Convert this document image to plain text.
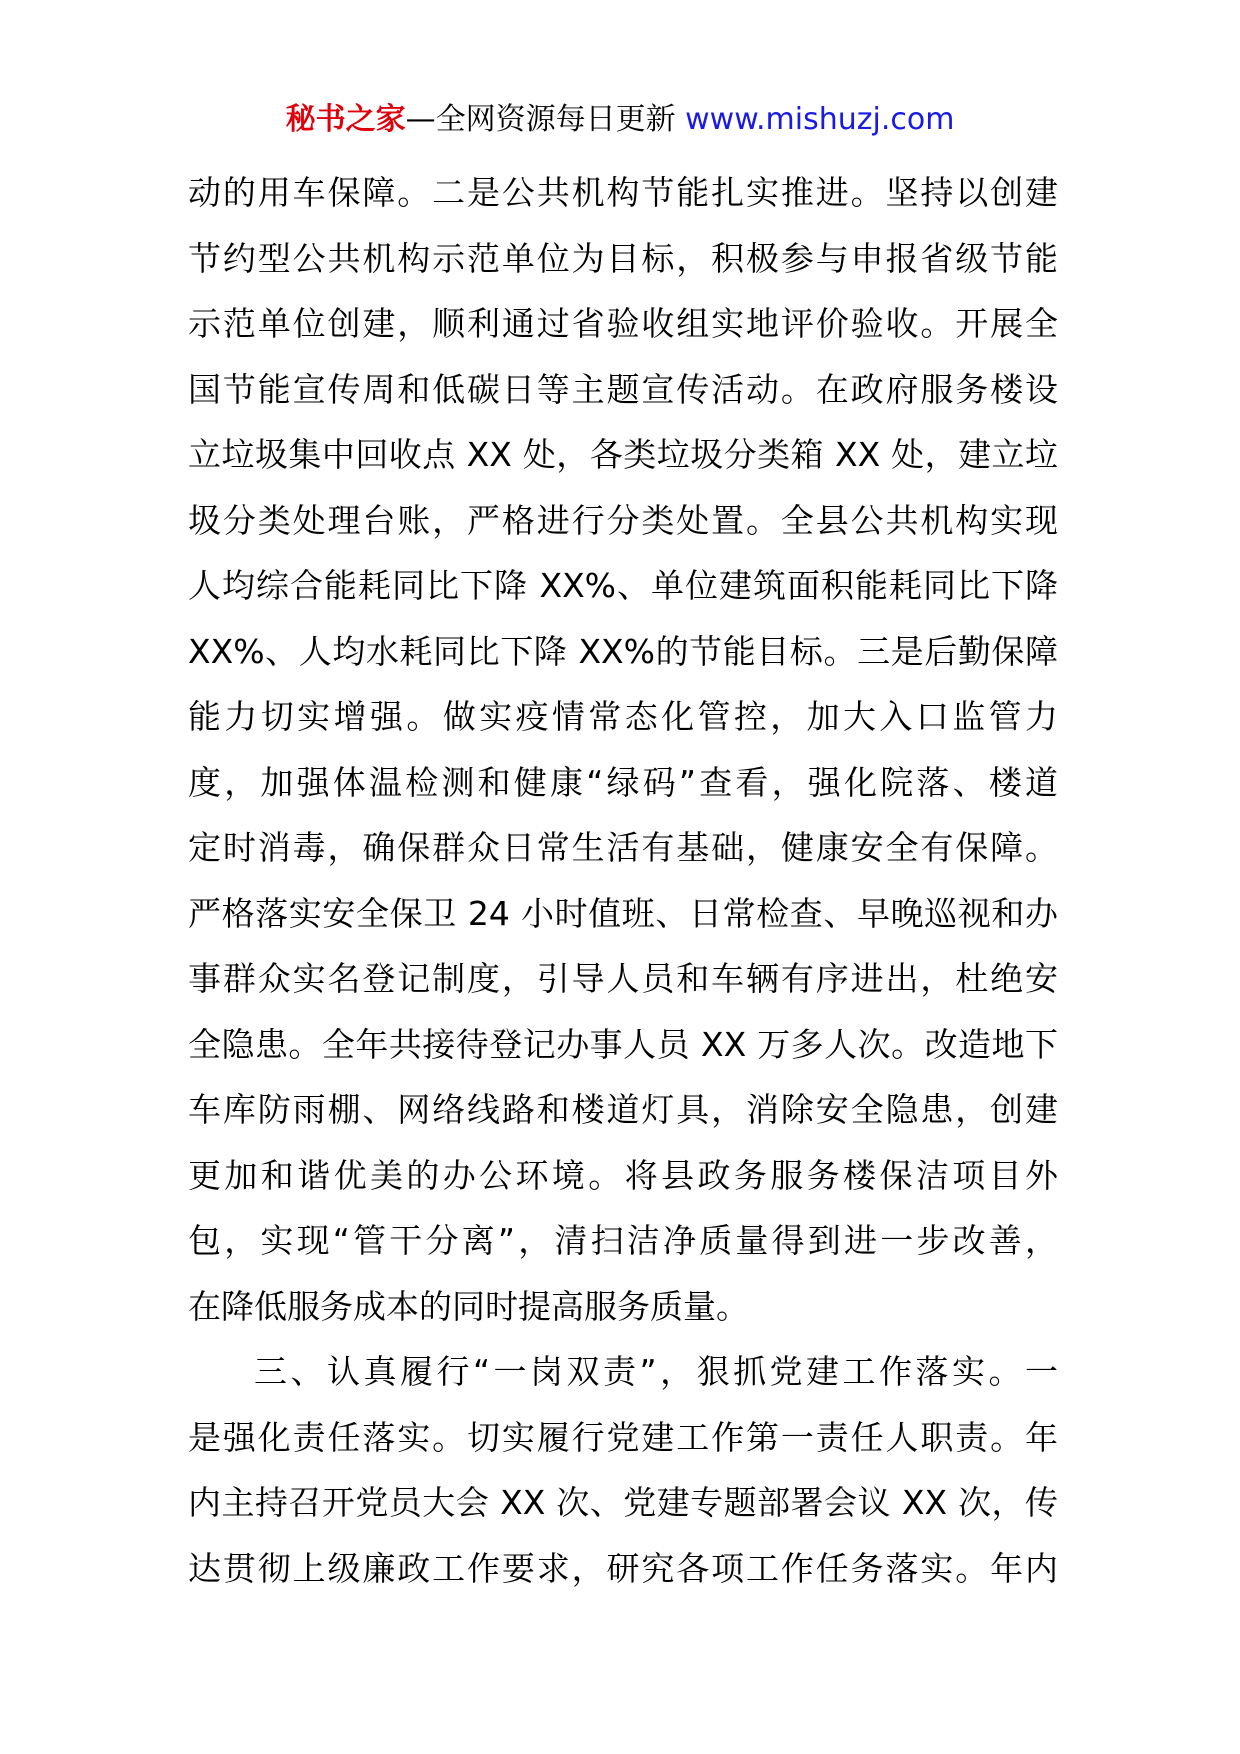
秘书之家—全网资源每日更新 www.mishuzj.com
动的用车保障。二是公共机构节能扎实推进。坚持以创建
节约型公共机构示范单位为目标，积极参与申报省级节能
示范单位创建，顺利通过省验收组实地评价验收。开展全
国节能宣传周和低碳日等主题宣传活动。在政府服务楼设
立垃圾集中回收点 XX 处，各类垃圾分类箱 XX 处，建立垃
圾分类处理台账，严格进行分类处置。全县公共机构实现
人均综合能耗同比下降 XX%、单位建筑面积能耗同比下降
XX%、人均水耗同比下降 XX%的节能目标。三是后勤保障
能力切实增强。做实疫情常态化管控，加大入口监管力
度，加强体温检测和健康“绿码”查看，强化院落、楼道
定时消毒，确保群众日常生活有基础，健康安全有保障。
严格落实安全保卫 24 小时值班、日常检查、早晚巡视和办
事群众实名登记制度，引导人员和车辆有序进出，杜绝安
全隐患。全年共接待登记办事人员 XX 万多人次。改造地下
车库防雨棚、网络线路和楼道灯具，消除安全隐患，创建
更加和谐优美的办公环境。将县政务服务楼保洁项目外
包，实现“管干分离”，清扫洁净质量得到进一步改善，
在降低服务成本的同时提高服务质量。
三、认真履行“一岗双责”，狠抓党建工作落实。一
是强化责任落实。切实履行党建工作第一责任人职责。年
内主持召开党员大会 XX 次、党建专题部署会议 XX 次，传
达贯彻上级廉政工作要求，研究各项工作任务落实。年内
